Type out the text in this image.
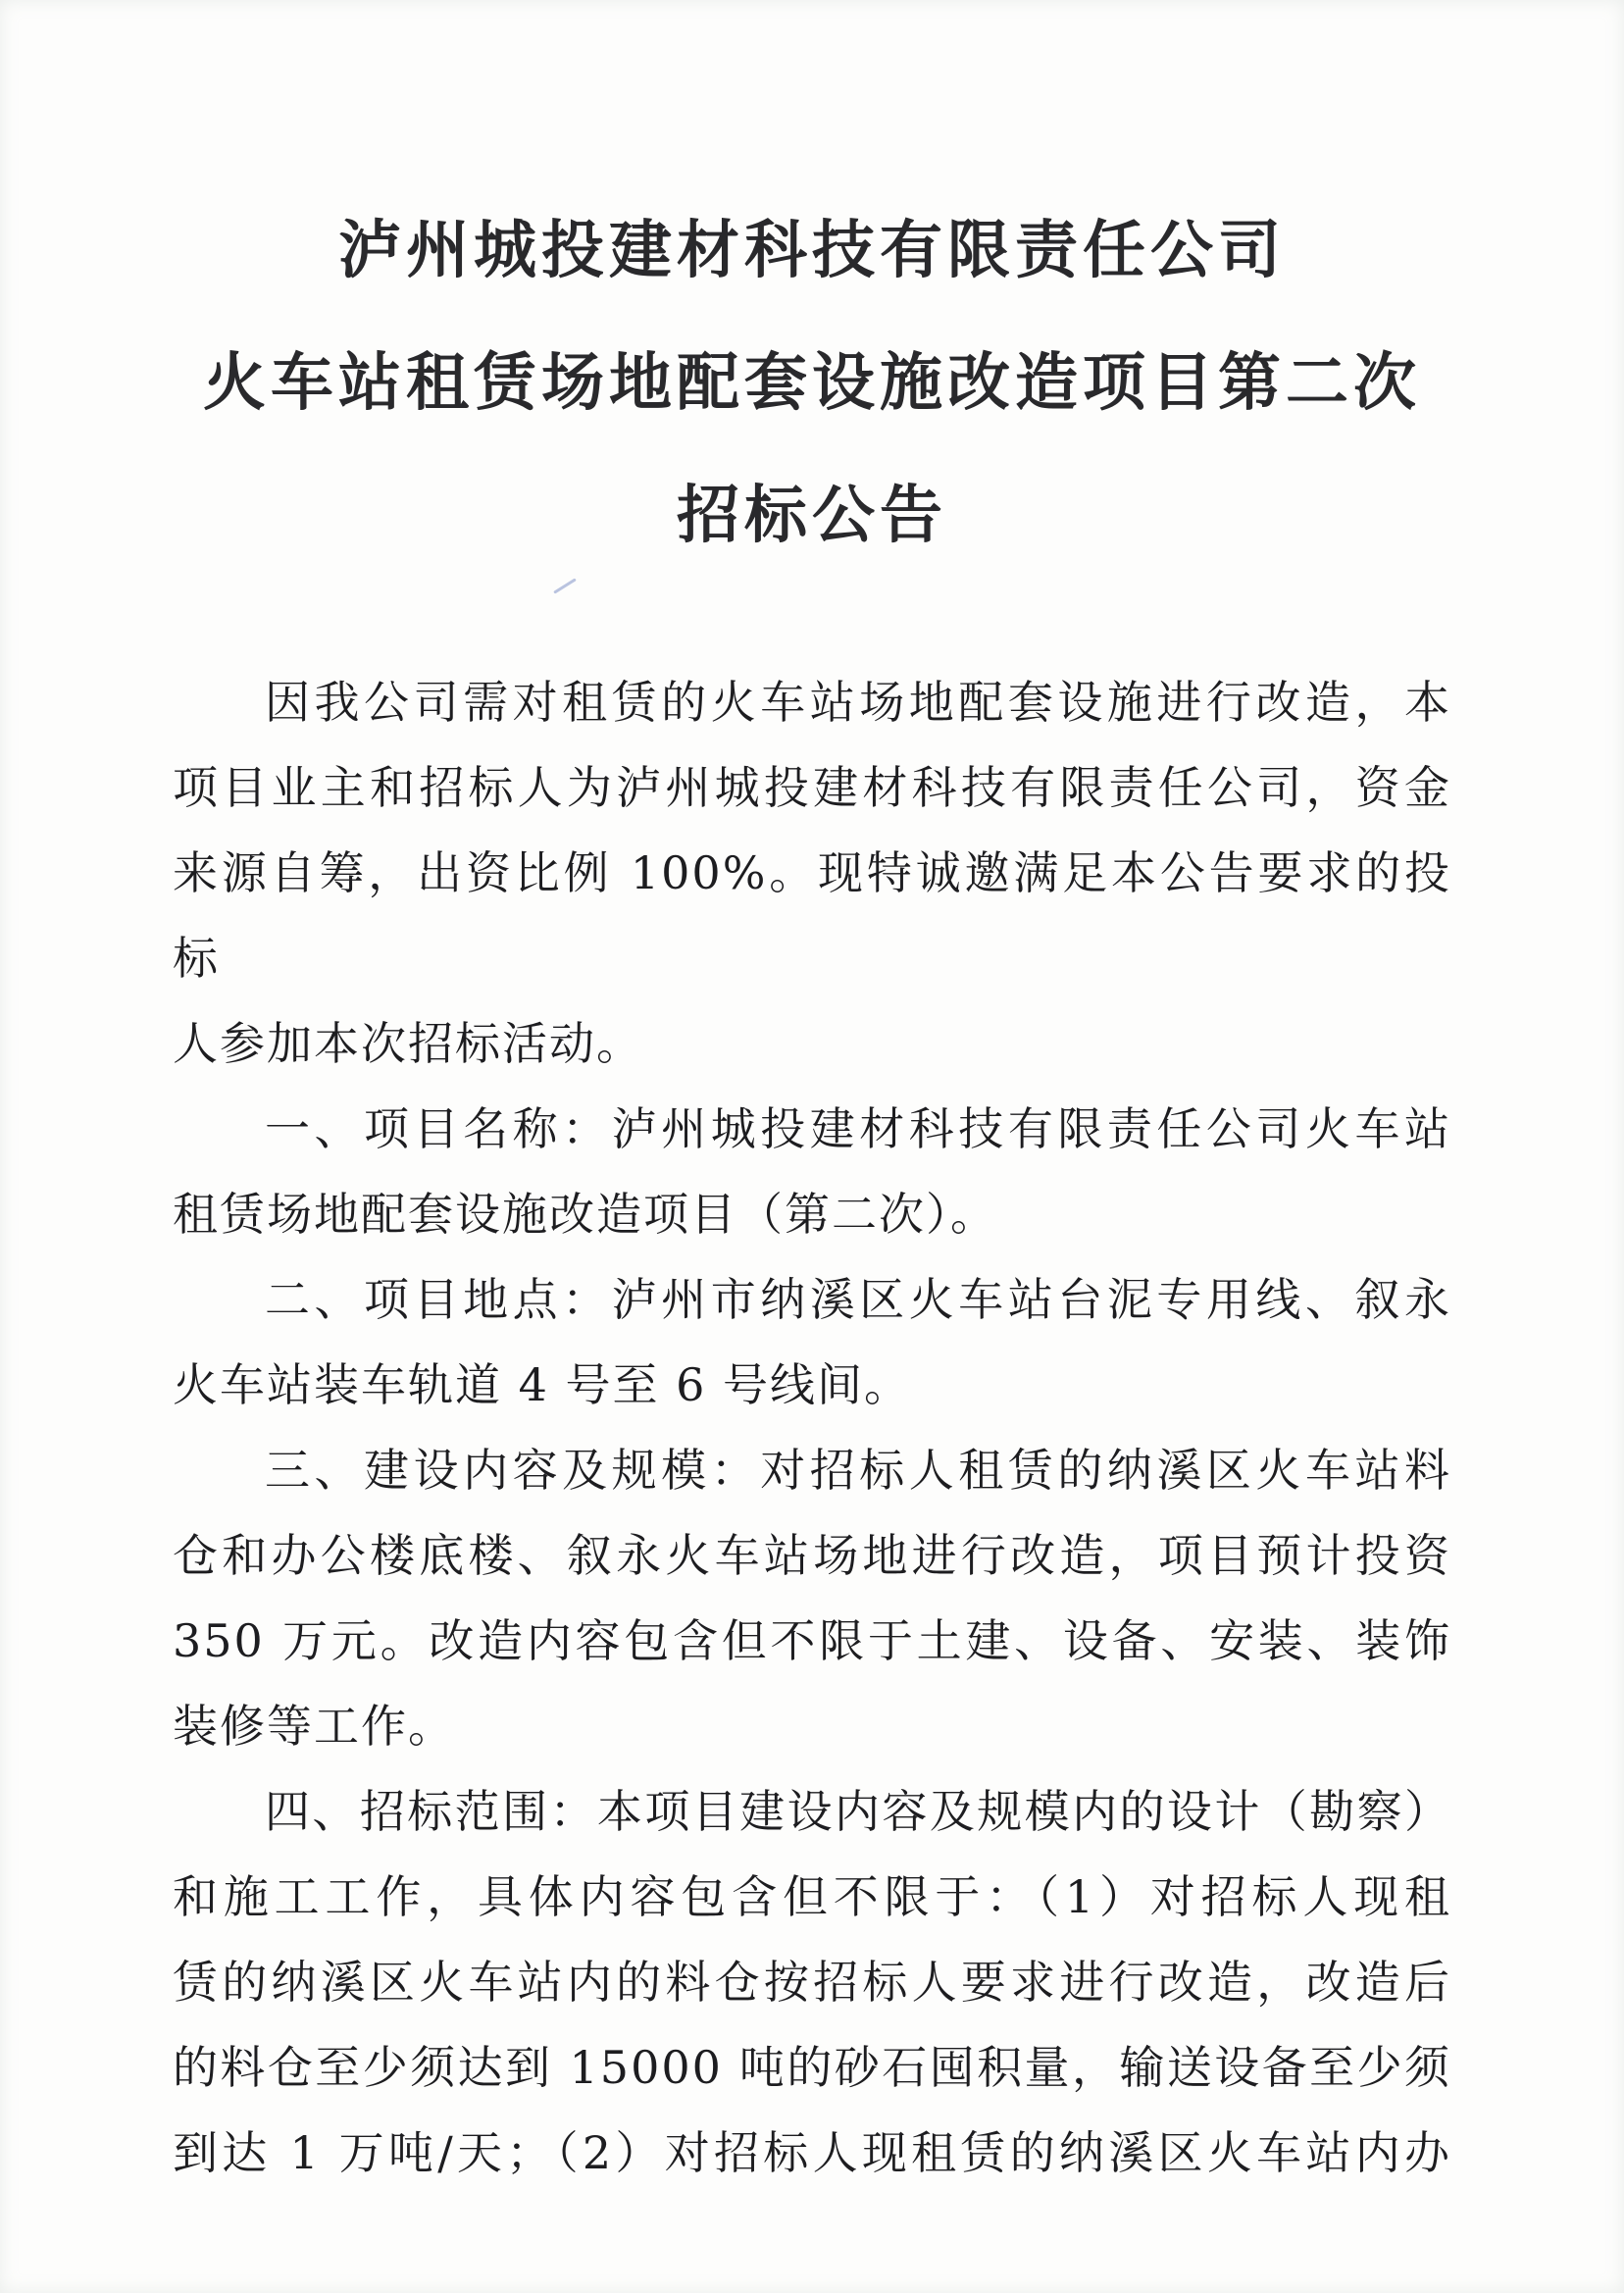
泸州城投建材科技有限责任公司
火车站租赁场地配套设施改造项目第二次
招标公告
因我公司需对租赁的火车站场地配套设施进行改造，本
项目业主和招标人为泸州城投建材科技有限责任公司，资金
来源自筹，出资比例 100%。现特诚邀满足本公告要求的投标
人参加本次招标活动。
一、项目名称：泸州城投建材科技有限责任公司火车站
租赁场地配套设施改造项目（第二次）。
二、项目地点：泸州市纳溪区火车站台泥专用线、叙永
火车站装车轨道 4 号至 6 号线间。
三、建设内容及规模：对招标人租赁的纳溪区火车站料
仓和办公楼底楼、叙永火车站场地进行改造，项目预计投资
350 万元。改造内容包含但不限于土建、设备、安装、装饰
装修等工作。
四、招标范围：本项目建设内容及规模内的设计（勘察）
和施工工作，具体内容包含但不限于：（1）对招标人现租
赁的纳溪区火车站内的料仓按招标人要求进行改造，改造后
的料仓至少须达到 15000 吨的砂石囤积量，输送设备至少须
到达 1 万吨/天；（2）对招标人现租赁的纳溪区火车站内办
